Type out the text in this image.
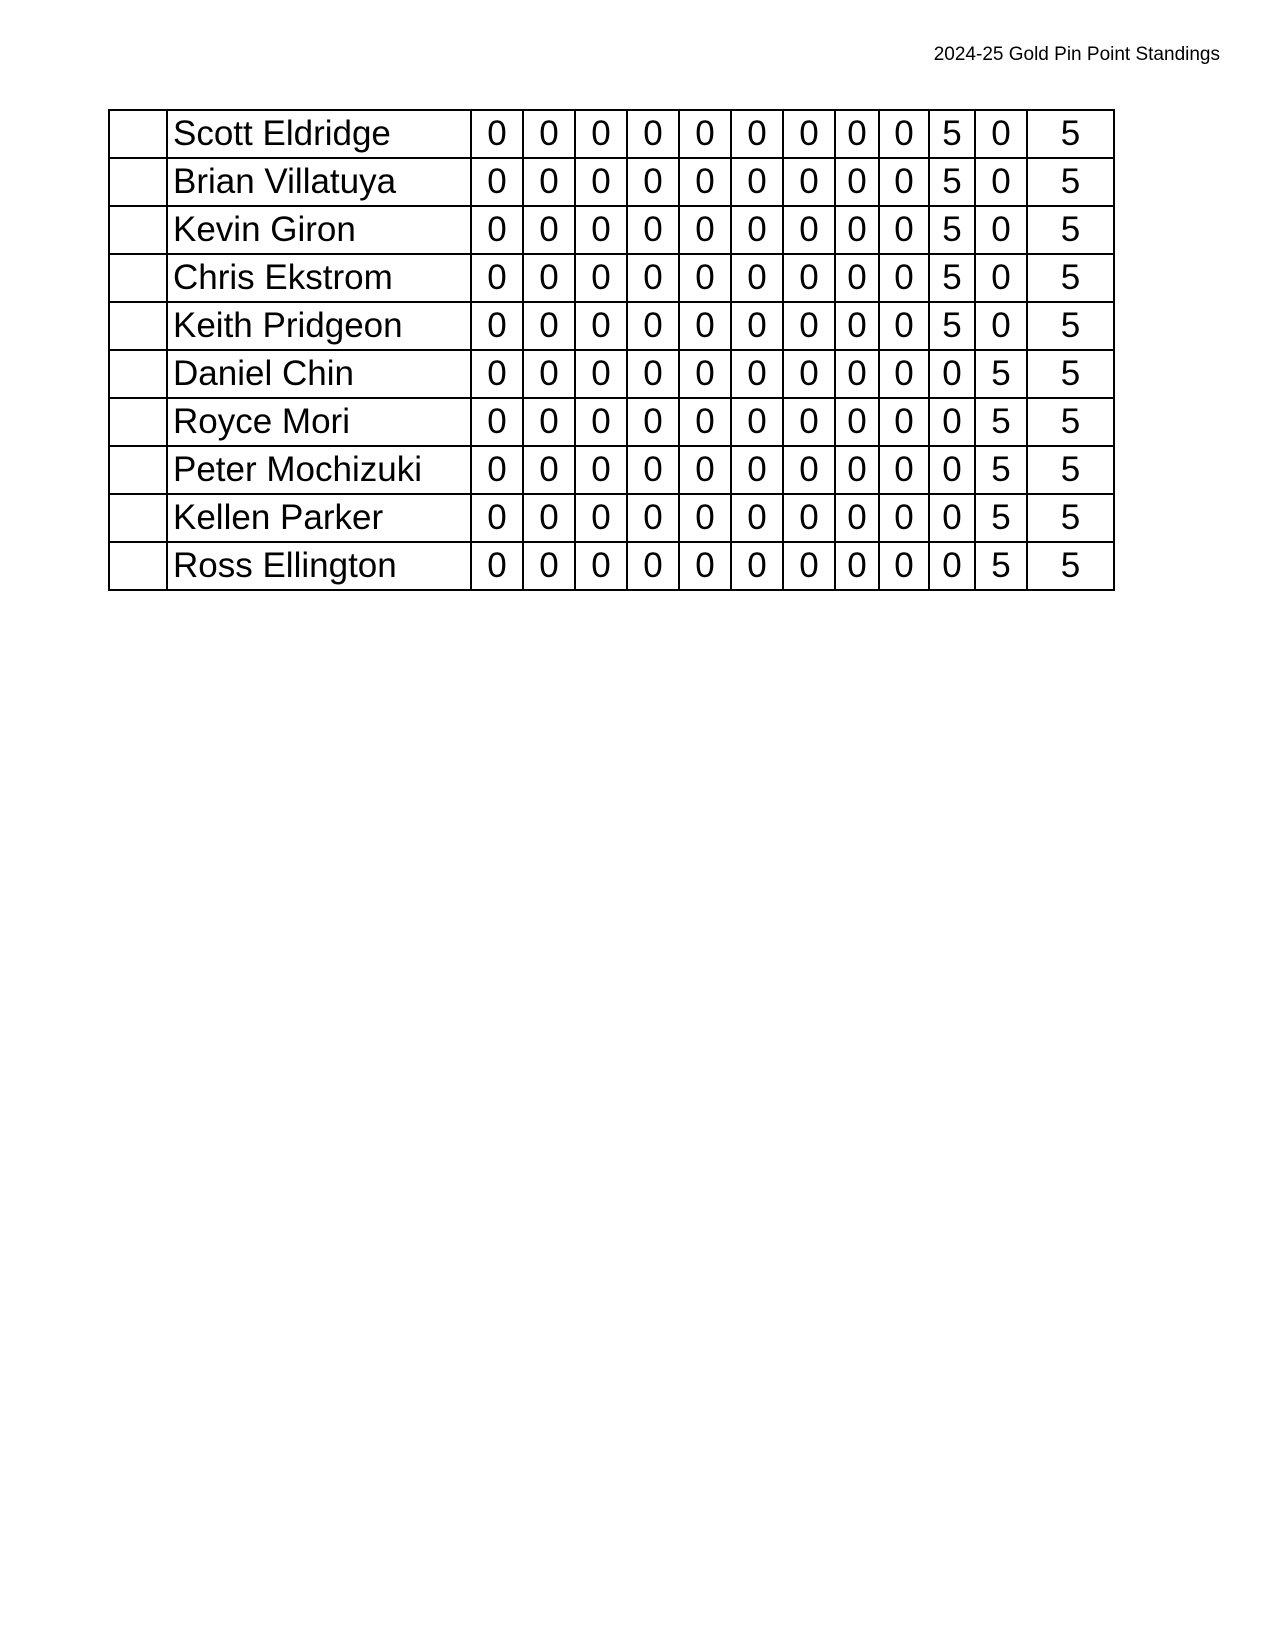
2024-25 Gold Pin Point Standings
	Scott Eldridge	0	0	0	0	0	0	0	0	0	5	0	5
	Brian Villatuya	0	0	0	0	0	0	0	0	0	5	0	5
	Kevin Giron	0	0	0	0	0	0	0	0	0	5	0	5
	Chris Ekstrom	0	0	0	0	0	0	0	0	0	5	0	5
	Keith Pridgeon	0	0	0	0	0	0	0	0	0	5	0	5
	Daniel Chin	0	0	0	0	0	0	0	0	0	0	5	5
	Royce Mori	0	0	0	0	0	0	0	0	0	0	5	5
	Peter Mochizuki	0	0	0	0	0	0	0	0	0	0	5	5
	Kellen Parker	0	0	0	0	0	0	0	0	0	0	5	5
	Ross Ellington	0	0	0	0	0	0	0	0	0	0	5	5
